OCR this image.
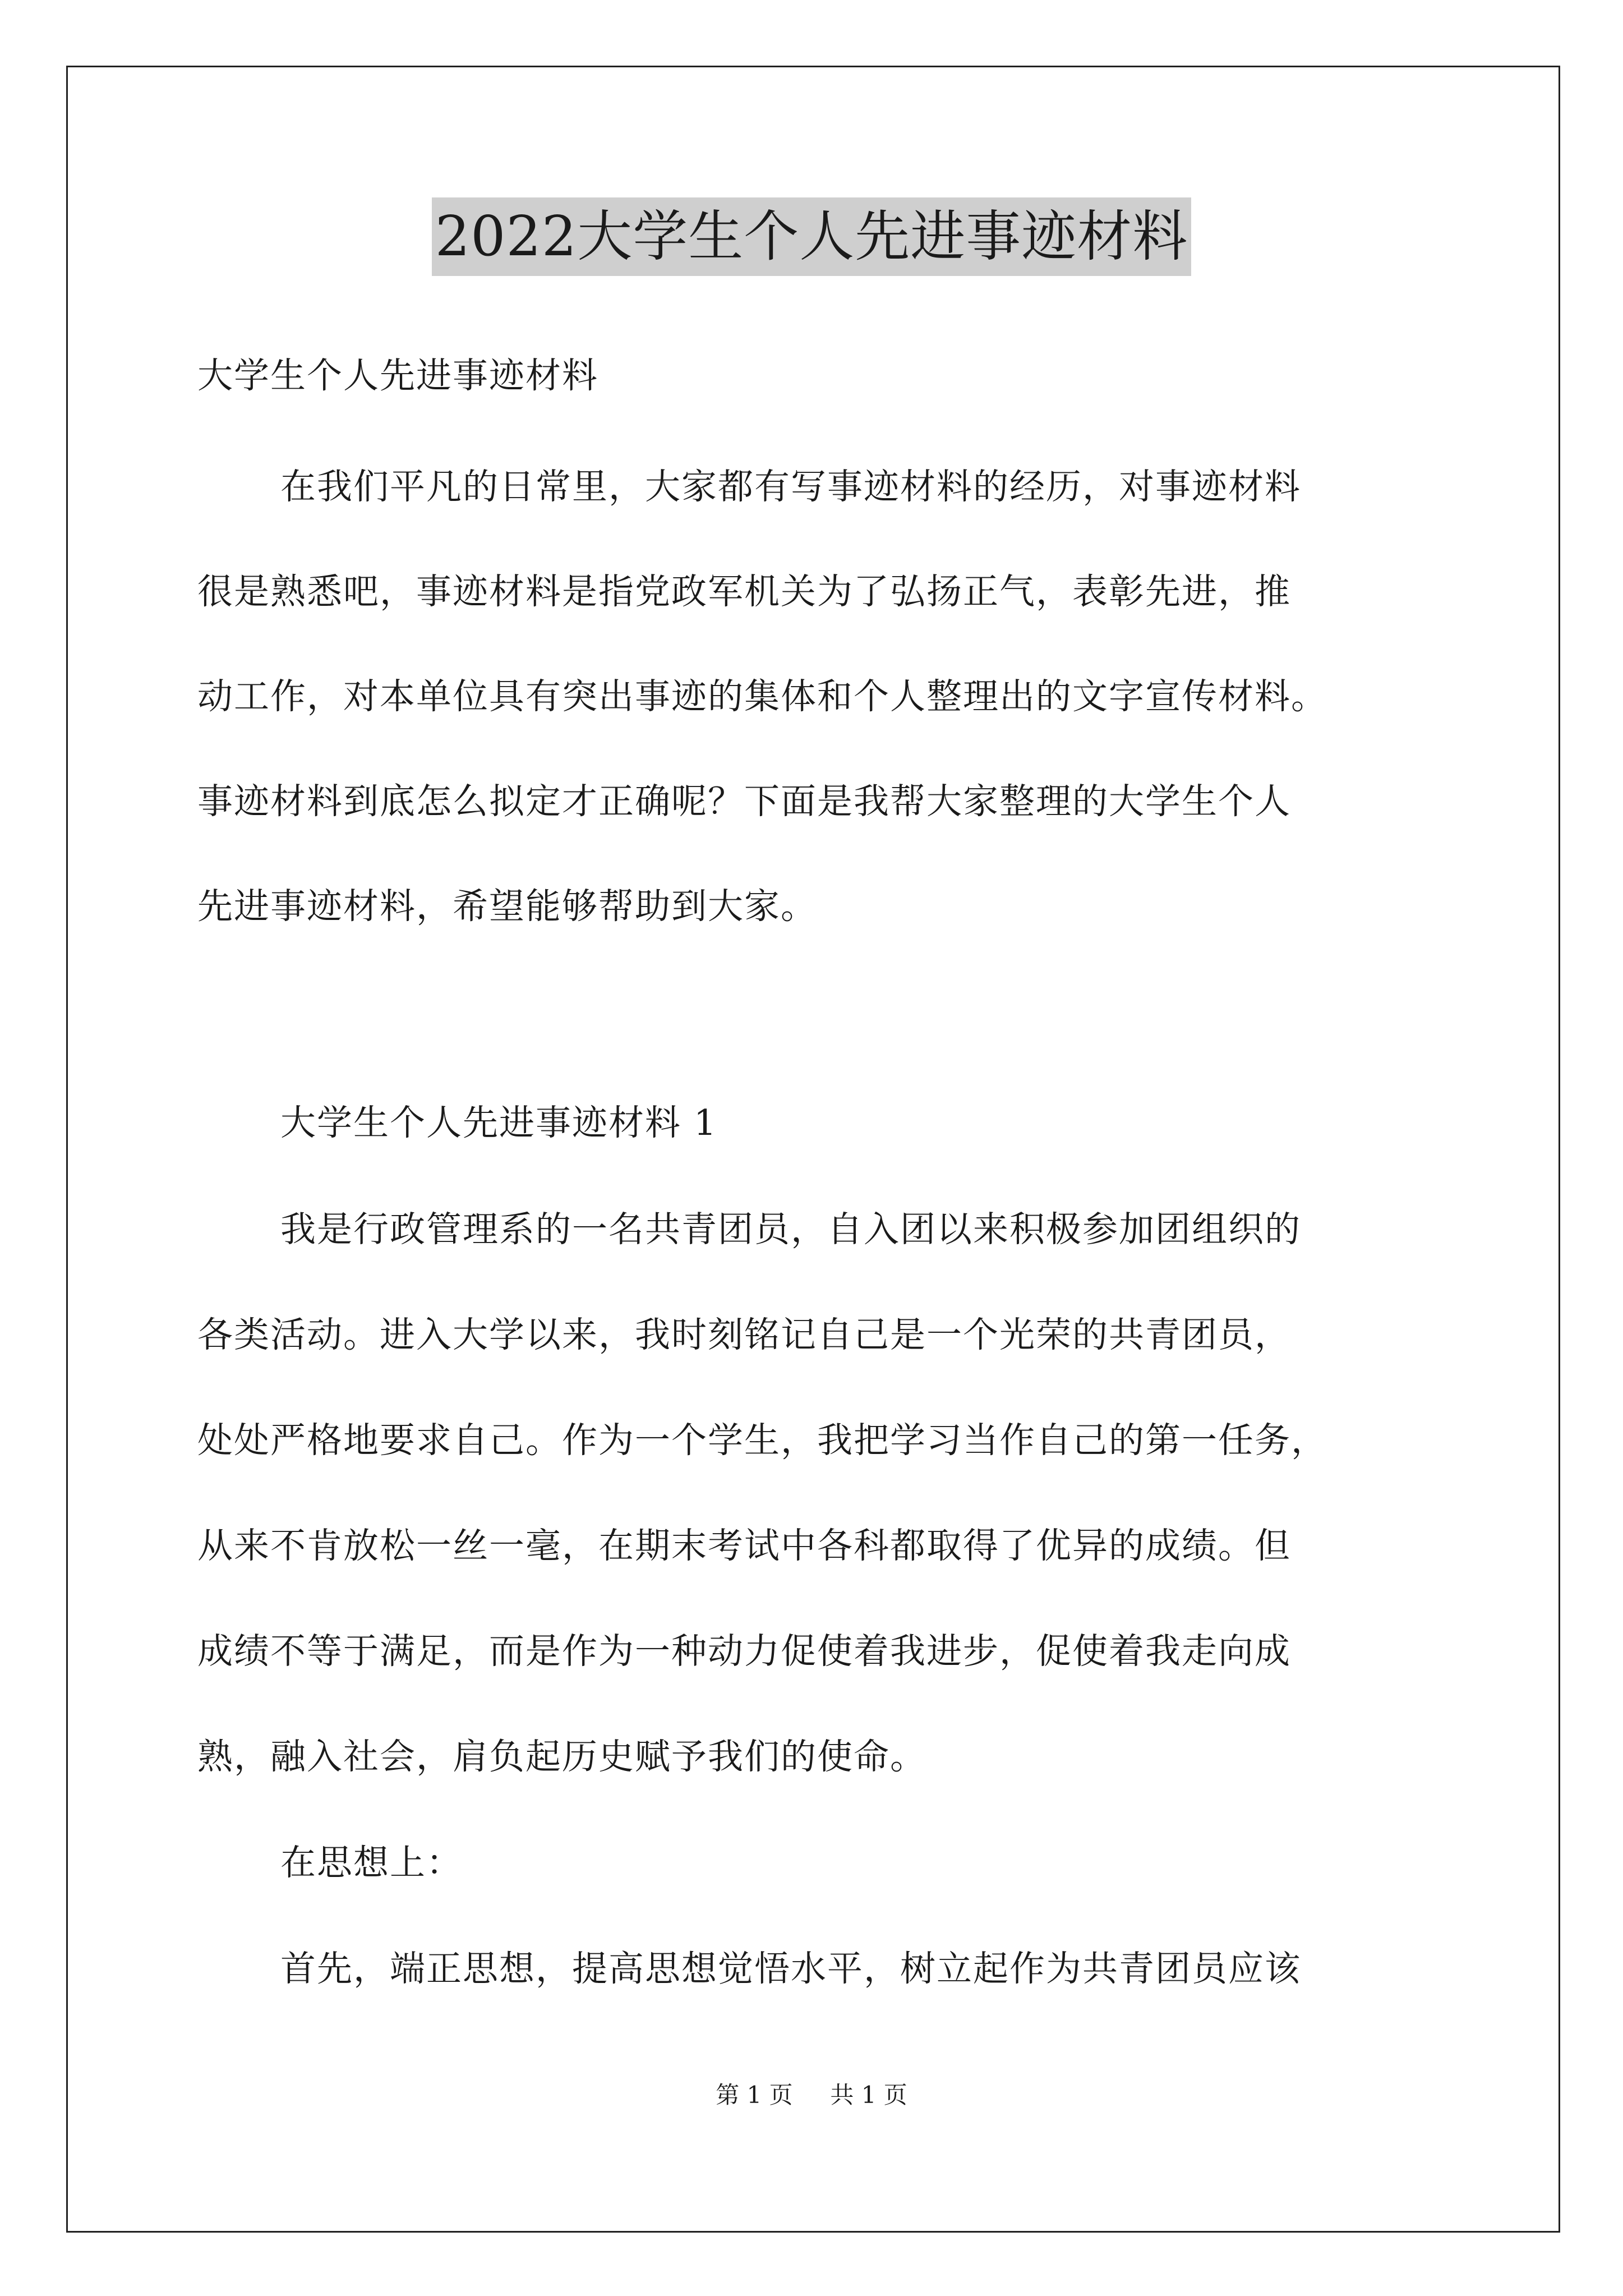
2022大学生个人先进事迹材料
大学生个人先进事迹材料
在我们平凡的日常里，大家都有写事迹材料的经历，对事迹材料
很是熟悉吧，事迹材料是指党政军机关为了弘扬正气，表彰先进，推
动工作，对本单位具有突出事迹的集体和个人整理出的文字宣传材料。
事迹材料到底怎么拟定才正确呢？下面是我帮大家整理的大学生个人
先进事迹材料，希望能够帮助到大家。
大学生个人先进事迹材料 1
我是行政管理系的一名共青团员，自入团以来积极参加团组织的
各类活动。进入大学以来，我时刻铭记自己是一个光荣的共青团员，
处处严格地要求自己。作为一个学生，我把学习当作自己的第一任务，
从来不肯放松一丝一毫，在期末考试中各科都取得了优异的成绩。但
成绩不等于满足，而是作为一种动力促使着我进步，促使着我走向成
熟，融入社会，肩负起历史赋予我们的使命。
在思想上：
首先，端正思想，提高思想觉悟水平，树立起作为共青团员应该
第 1 页 共 1 页
